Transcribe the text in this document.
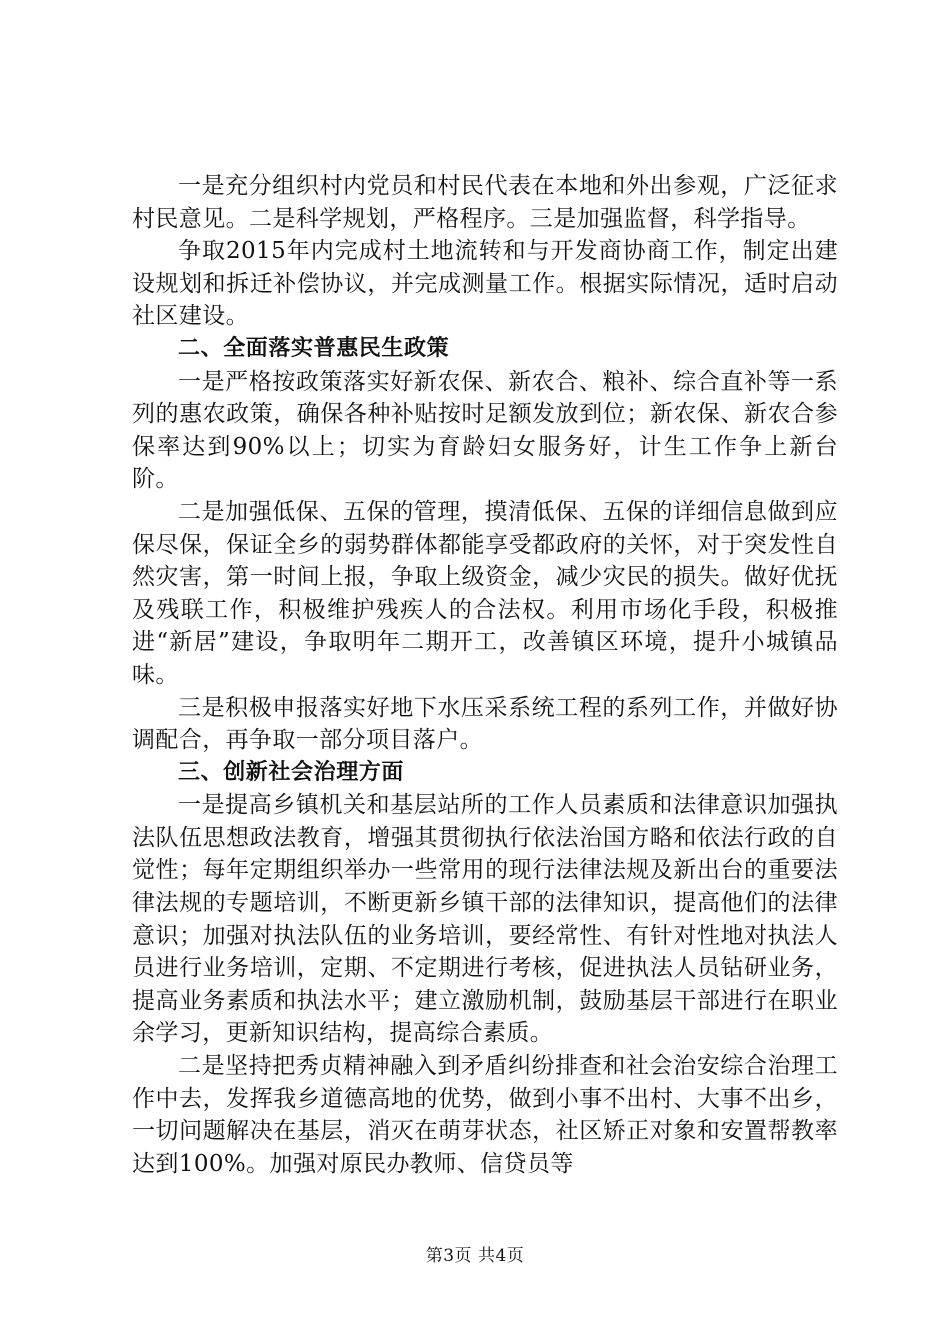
一是充分组织村内党员和村民代表在本地和外出参观，广泛征求村民意见。二是科学规划，严格程序。三是加强监督，科学指导。

争取2015年内完成村土地流转和与开发商协商工作，制定出建设规划和拆迁补偿协议，并完成测量工作。根据实际情况，适时启动社区建设。

二、全面落实普惠民生政策

一是严格按政策落实好新农保、新农合、粮补、综合直补等一系列的惠农政策，确保各种补贴按时足额发放到位；新农保、新农合参保率达到90%以上；切实为育龄妇女服务好，计生工作争上新台阶。

二是加强低保、五保的管理，摸清低保、五保的详细信息做到应保尽保，保证全乡的弱势群体都能享受都政府的关怀，对于突发性自然灾害，第一时间上报，争取上级资金，减少灾民的损失。做好优抚及残联工作，积极维护残疾人的合法权。利用市场化手段，积极推进“新居”建设，争取明年二期开工，改善镇区环境，提升小城镇品味。

三是积极申报落实好地下水压采系统工程的系列工作，并做好协调配合，再争取一部分项目落户。

三、创新社会治理方面

一是提高乡镇机关和基层站所的工作人员素质和法律意识加强执法队伍思想政法教育，增强其贯彻执行依法治国方略和依法行政的自觉性；每年定期组织举办一些常用的现行法律法规及新出台的重要法律法规的专题培训，不断更新乡镇干部的法律知识，提高他们的法律意识；加强对执法队伍的业务培训，要经常性、有针对性地对执法人员进行业务培训，定期、不定期进行考核，促进执法人员钻研业务，提高业务素质和执法水平；建立激励机制，鼓励基层干部进行在职业余学习，更新知识结构，提高综合素质。

二是坚持把秀贞精神融入到矛盾纠纷排查和社会治安综合治理工作中去，发挥我乡道德高地的优势，做到小事不出村、大事不出乡，一切问题解决在基层，消灭在萌芽状态，社区矫正对象和安置帮教率达到100%。加强对原民办教师、信贷员等

第3页 共4页
